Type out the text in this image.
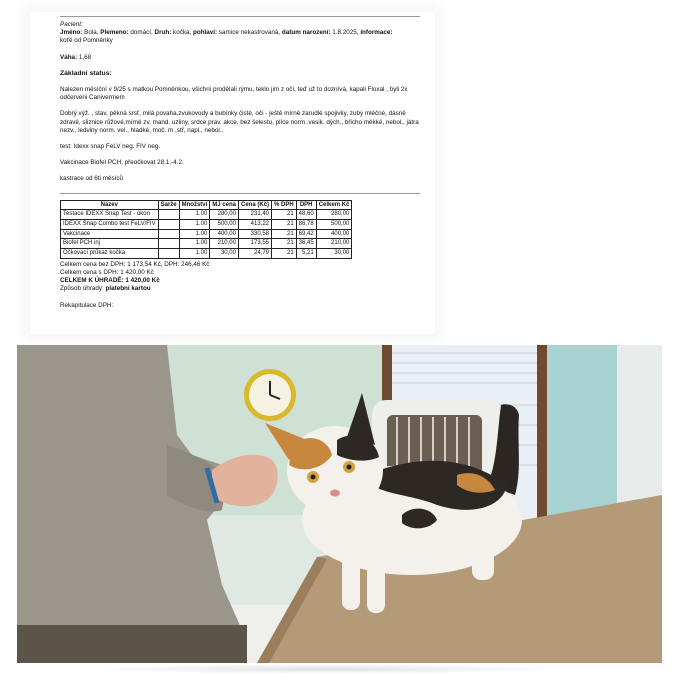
Pacient:

Jméno: Bola, Plemeno: domácí, Druh: kočka, pohlaví: samice nekastrovaná, datum narození: 1.8.2025, informace:

koťě od Pomněnky

Váha: 1,68

Základní status:

Nalezen měsíční v 9/25 s matkou Pomněnkou, všichni prodělali rýmu, teklo jim z očí, teď už to doznívá, kapali Floxal , byli 2x odčerveni Canivermem

Dobrý výž. , stav, pěkná srsť, milá povaha,zvukovody a bubínky čisté, oči - ještě mírně zarudlé spojivky, zuby mléčné, dásně zdravé, sliznice růžové,mírně zv. mand. uzliny, srdce prav. akce, bez šelestu, plíce norm .vesik. dých., břicho měkké, nebol., játra nezv., ledviny norm. vel., hladké, moč. m .stř, napl., nebol..

test: Idexx snap FeLV neg. FIV neg.

Vakcinace Biofel PCH, přeočkovat 28.1.-4.2.

kastrace od 6ti měsíců

Název	Šarže	Množství	MJ cena	Cena (Kč)	% DPH	DPH	Celkem Kč
Testace IDEXX Snap Test - úkon		1.00	280,00	231,40	21	48,60	280,00
IDEXX Snap Combo test FeLV/FIV		1.00	500,00	413,22	21	86,78	500,00
Vakcinace		1.00	400,00	330,58	21	69,42	400,00
Biofel PCH inj		1.00	210,00	173,55	21	36,45	210,00
Očkovací průkaz kočka		1.00	30,00	24,79	21	5,21	30,00

Celkem cena bez DPH: 1 173,54 Kč, DPH: 246,46 Kč

Celkem cena s DPH: 1 420,00 Kč

CELKEM K ÚHRADĚ: 1 420,00 Kč

Způsob úhrady: platební kartou

Rekapitulace DPH:
